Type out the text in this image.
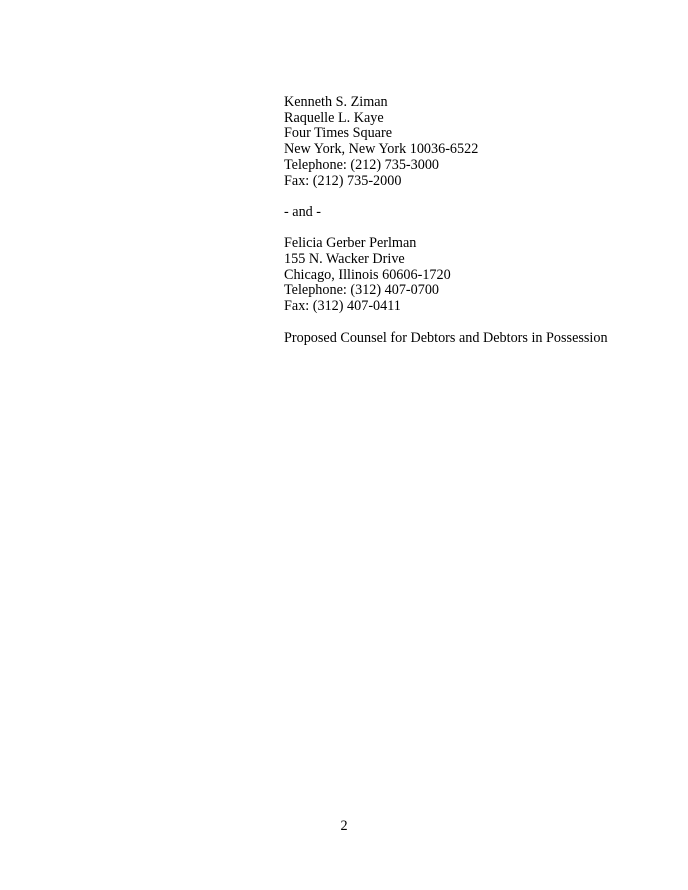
Kenneth S. Ziman
Raquelle L. Kaye
Four Times Square
New York, New York 10036-6522
Telephone: (212) 735-3000
Fax: (212) 735-2000
- and -
Felicia Gerber Perlman
155 N. Wacker Drive
Chicago, Illinois 60606-1720
Telephone: (312) 407-0700
Fax: (312) 407-0411
Proposed Counsel for Debtors and Debtors in Possession
2
